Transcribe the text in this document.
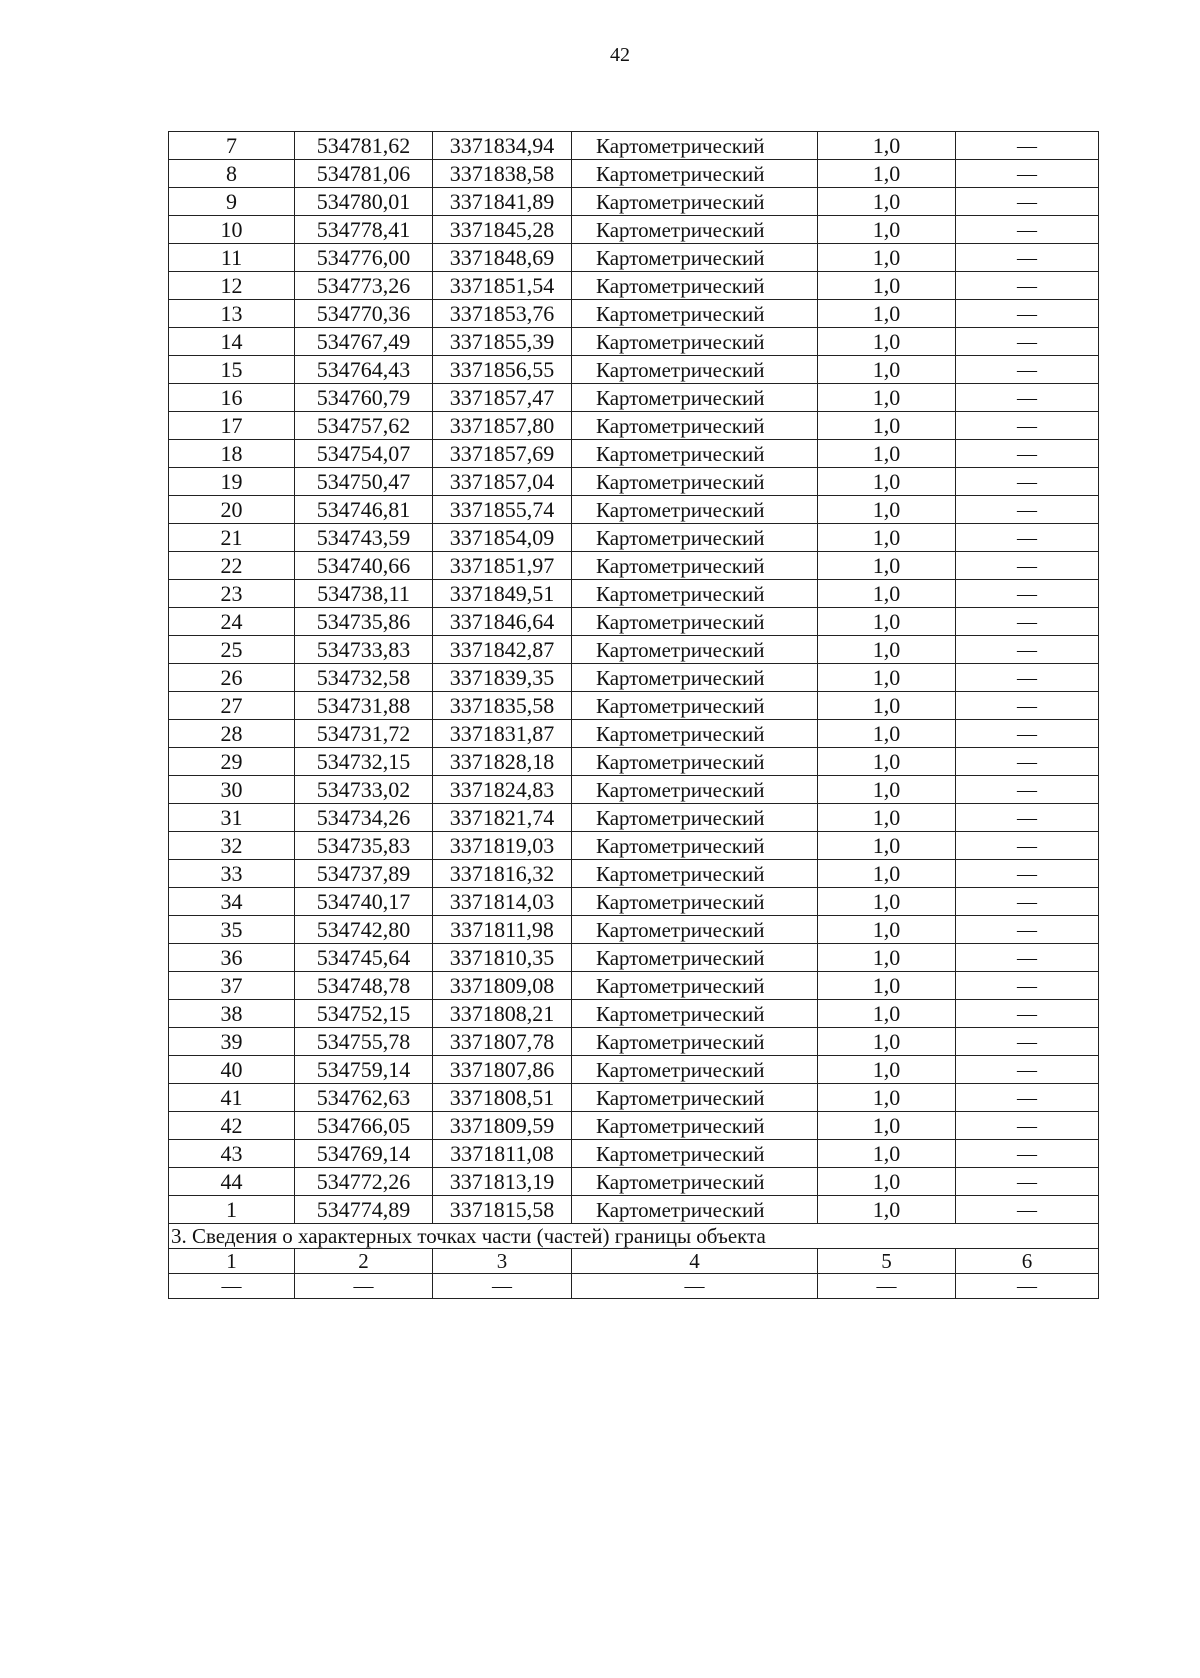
42
7	534781,62	3371834,94	Картометрический	1,0	—
8	534781,06	3371838,58	Картометрический	1,0	—
9	534780,01	3371841,89	Картометрический	1,0	—
10	534778,41	3371845,28	Картометрический	1,0	—
11	534776,00	3371848,69	Картометрический	1,0	—
12	534773,26	3371851,54	Картометрический	1,0	—
13	534770,36	3371853,76	Картометрический	1,0	—
14	534767,49	3371855,39	Картометрический	1,0	—
15	534764,43	3371856,55	Картометрический	1,0	—
16	534760,79	3371857,47	Картометрический	1,0	—
17	534757,62	3371857,80	Картометрический	1,0	—
18	534754,07	3371857,69	Картометрический	1,0	—
19	534750,47	3371857,04	Картометрический	1,0	—
20	534746,81	3371855,74	Картометрический	1,0	—
21	534743,59	3371854,09	Картометрический	1,0	—
22	534740,66	3371851,97	Картометрический	1,0	—
23	534738,11	3371849,51	Картометрический	1,0	—
24	534735,86	3371846,64	Картометрический	1,0	—
25	534733,83	3371842,87	Картометрический	1,0	—
26	534732,58	3371839,35	Картометрический	1,0	—
27	534731,88	3371835,58	Картометрический	1,0	—
28	534731,72	3371831,87	Картометрический	1,0	—
29	534732,15	3371828,18	Картометрический	1,0	—
30	534733,02	3371824,83	Картометрический	1,0	—
31	534734,26	3371821,74	Картометрический	1,0	—
32	534735,83	3371819,03	Картометрический	1,0	—
33	534737,89	3371816,32	Картометрический	1,0	—
34	534740,17	3371814,03	Картометрический	1,0	—
35	534742,80	3371811,98	Картометрический	1,0	—
36	534745,64	3371810,35	Картометрический	1,0	—
37	534748,78	3371809,08	Картометрический	1,0	—
38	534752,15	3371808,21	Картометрический	1,0	—
39	534755,78	3371807,78	Картометрический	1,0	—
40	534759,14	3371807,86	Картометрический	1,0	—
41	534762,63	3371808,51	Картометрический	1,0	—
42	534766,05	3371809,59	Картометрический	1,0	—
43	534769,14	3371811,08	Картометрический	1,0	—
44	534772,26	3371813,19	Картометрический	1,0	—
1	534774,89	3371815,58	Картометрический	1,0	—
3. Сведения о характерных точках части (частей) границы объекта					
1	2	3	4	5	6
—	—	—	—	—	—
